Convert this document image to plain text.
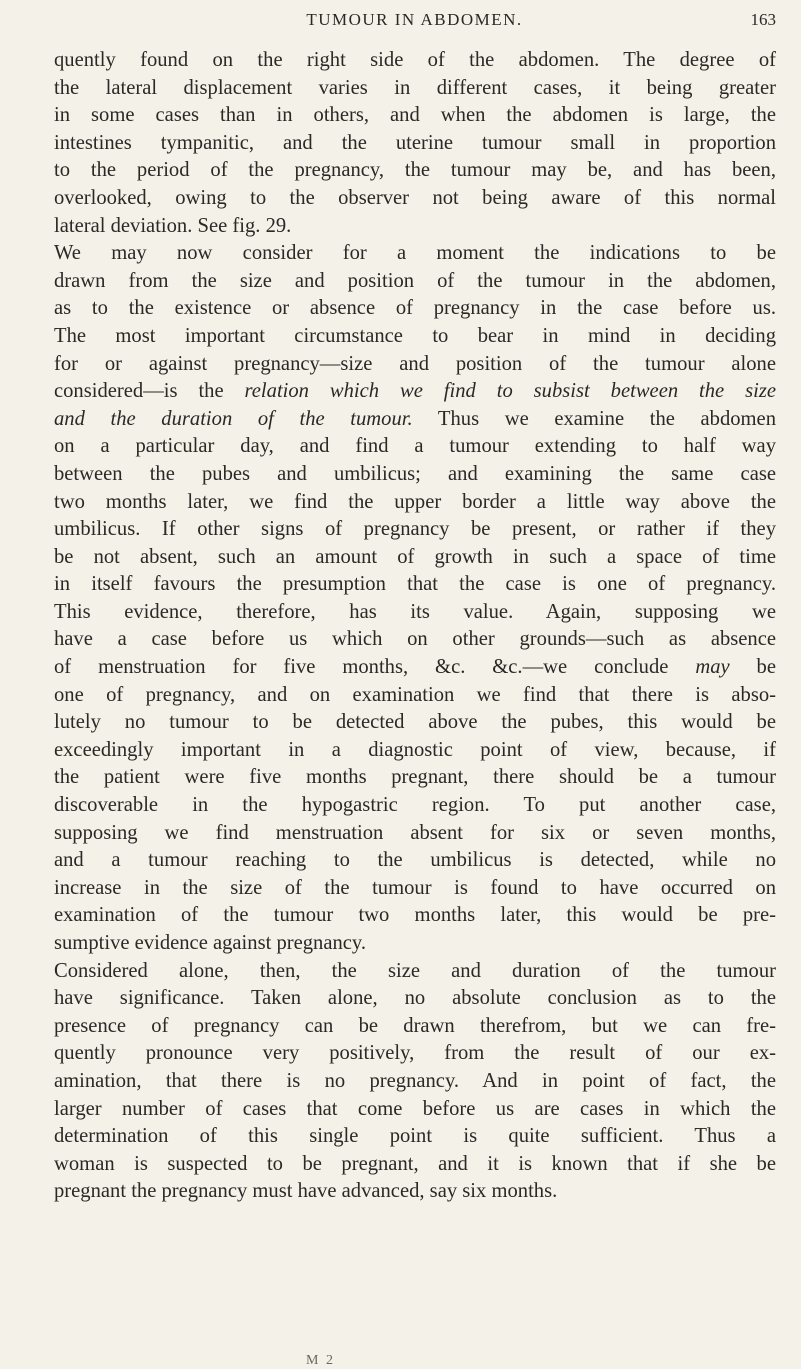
TUMOUR IN ABDOMEN.	163
quently found on the right side of the abdomen. The degree of
the lateral displacement varies in different cases, it being greater
in some cases than in others, and when the abdomen is large, the
intestines tympanitic, and the uterine tumour small in proportion
to the period of the pregnancy, the tumour may be, and has been,
overlooked, owing to the observer not being aware of this normal
lateral deviation. See fig. 29.
We may now consider for a moment the indications to be
drawn from the size and position of the tumour in the abdomen,
as to the existence or absence of pregnancy in the case before us.
The most important circumstance to bear in mind in deciding
for or against pregnancy—size and position of the tumour alone
considered—is the relation which we find to subsist between the size
and the duration of the tumour. Thus we examine the abdomen
on a particular day, and find a tumour extending to half way
between the pubes and umbilicus; and examining the same case
two months later, we find the upper border a little way above the
umbilicus. If other signs of pregnancy be present, or rather if they
be not absent, such an amount of growth in such a space of time
in itself favours the presumption that the case is one of pregnancy.
This evidence, therefore, has its value. Again, supposing we
have a case before us which on other grounds—such as absence
of menstruation for five months, &c. &c.—we conclude may be
one of pregnancy, and on examination we find that there is abso-
lutely no tumour to be detected above the pubes, this would be
exceedingly important in a diagnostic point of view, because, if
the patient were five months pregnant, there should be a tumour
discoverable in the hypogastric region. To put another case,
supposing we find menstruation absent for six or seven months,
and a tumour reaching to the umbilicus is detected, while no
increase in the size of the tumour is found to have occurred on
examination of the tumour two months later, this would be pre-
sumptive evidence against pregnancy.
Considered alone, then, the size and duration of the tumour
have significance. Taken alone, no absolute conclusion as to the
presence of pregnancy can be drawn therefrom, but we can fre-
quently pronounce very positively, from the result of our ex-
amination, that there is no pregnancy. And in point of fact, the
larger number of cases that come before us are cases in which the
determination of this single point is quite sufficient. Thus a
woman is suspected to be pregnant, and it is known that if she be
pregnant the pregnancy must have advanced, say six months.
M 2
